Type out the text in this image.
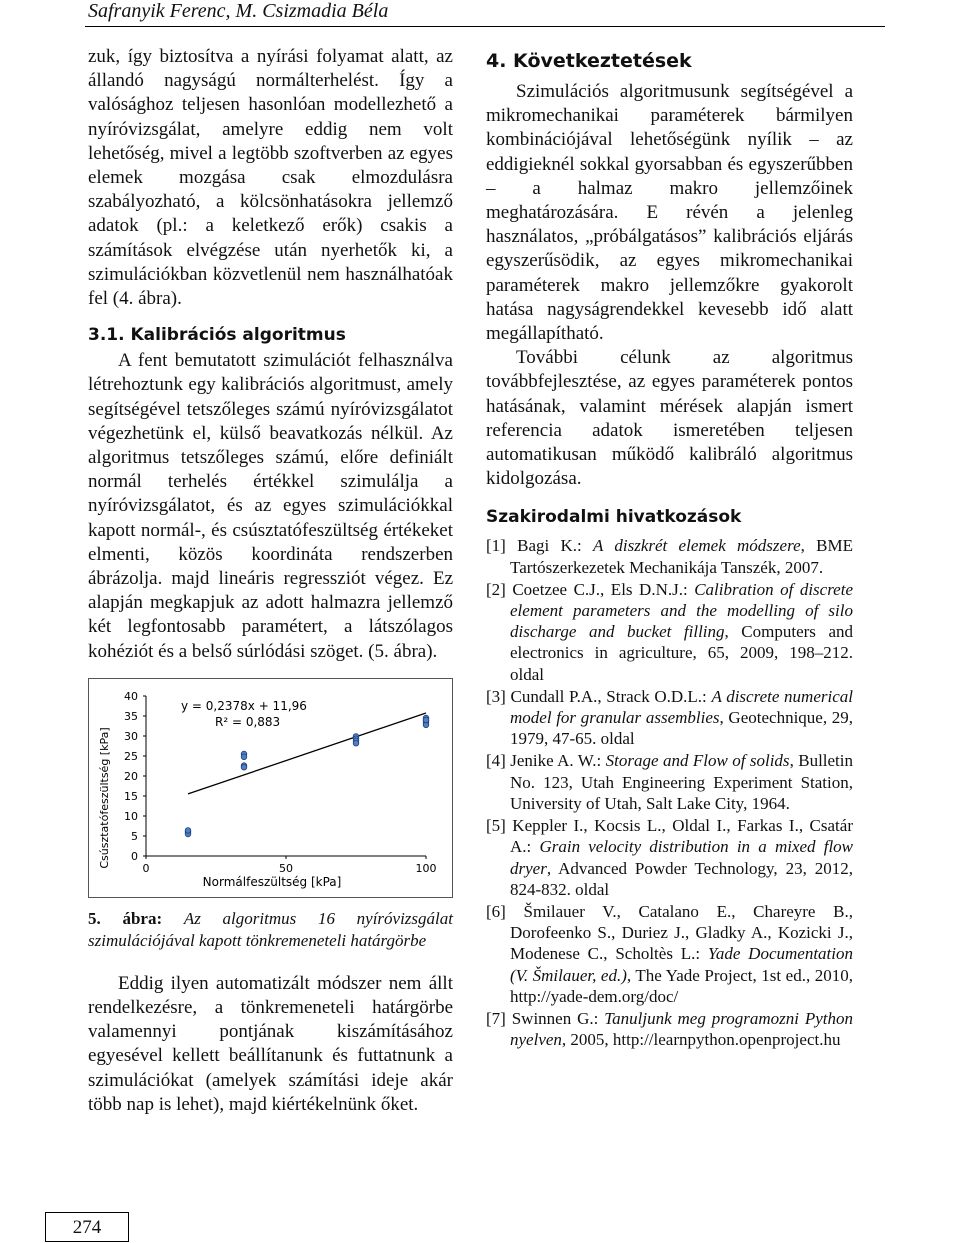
Safranyik Ferenc, M. Csizmadia Béla

zuk, így biztosítva a nyírási folyamat alatt, az állandó nagyságú normálterhelést. Így a valósághoz teljesen hasonlóan modellezhető a nyíróvizsgálat, amelyre eddig nem volt lehetőség, mivel a legtöbb szoftverben az egyes elemek mozgása csak elmozdulásra szabályozható, a kölcsönhatásokra jellemző adatok (pl.: a keletkező erők) csakis a számítások elvégzése után nyerhetők ki, a szimulációkban közvetlenül nem használhatóak fel (4. ábra).

3.1. Kalibrációs algoritmus

A fent bemutatott szimulációt felhasználva létrehoztunk egy kalibrációs algoritmust, amely segítségével tetszőleges számú nyíróvizsgálatot végezhetünk el, külső beavatkozás nélkül. Az algoritmus tetszőleges számú, előre definiált normál terhelés értékkel szimulálja a nyíróvizsgálatot, és az egyes szimulációkkal kapott normál-, és csúsztatófeszültség értékeket elmenti, közös koordináta rendszerben ábrázolja. majd lineáris regressziót végez. Ez alapján megkapjuk az adott halmazra jellemző két legfontosabb paramétert, a látszólagos kohéziót és a belső súrlódási szöget. (5. ábra).

0
5
10
15
20
25
30
35
40
0	50	100
y = 0,2378x + 11,96
R² = 0,883
Normálfeszültség [kPa]
Csúsztatófeszültség [kPa]
5. ábra: Az algoritmus 16 nyíróvizsgálat szimulációjával kapott tönkremeneteli határgörbe

Eddig ilyen automatizált módszer nem állt rendelkezésre, a tönkremeneteli határgörbe valamennyi pontjának kiszámításához egyesével kellett beállítanunk és futtatnunk a szimulációkat (amelyek számítási ideje akár több nap is lehet), majd kiértékelnünk őket.

4. Következtetések

Szimulációs algoritmusunk segítségével a mikromechanikai paraméterek bármilyen kombinációjával lehetőségünk nyílik – az eddigieknél sokkal gyorsabban és egyszerűbben – a halmaz makro jellemzőinek meghatározására. E révén a jelenleg használatos, „próbálgatásos” kalibrációs eljárás egyszerűsödik, az egyes mikromechanikai paraméterek makro jellemzőkre gyakorolt hatása nagyságrendekkel kevesebb idő alatt megállapítható.

További célunk az algoritmus továbbfejlesztése, az egyes paraméterek pontos hatásának, valamint mérések alapján ismert referencia adatok ismeretében teljesen automatikusan működő kalibráló algoritmus kidolgozása.

Szakirodalmi hivatkozások
[1] Bagi K.: A diszkrét elemek módszere, BME Tartószerkezetek Mechanikája Tanszék, 2007.
[2] Coetzee C.J., Els D.N.J.: Calibration of discrete element parameters and the modelling of silo discharge and bucket filling, Computers and electronics in agriculture, 65, 2009, 198–212. oldal
[3] Cundall P.A., Strack O.D.L.: A discrete numerical model for granular assemblies, Geotechnique, 29, 1979, 47-65. oldal
[4] Jenike A. W.: Storage and Flow of solids, Bulletin No. 123, Utah Engineering Experiment Station, University of Utah, Salt Lake City, 1964.
[5] Keppler I., Kocsis L., Oldal I., Farkas I., Csatár A.: Grain velocity distribution in a mixed flow dryer, Advanced Powder Technology, 23, 2012, 824-832. oldal
[6] Šmilauer V., Catalano E., Chareyre B., Dorofeenko S., Duriez J., Gladky A., Kozicki J., Modenese C., Scholtès L.: Yade Documentation (V. Šmilauer, ed.), The Yade Project, 1st ed., 2010, http://yade-dem.org/doc/
[7] Swinnen G.: Tanuljunk meg programozni Python nyelven, 2005, http://learnpython.openproject.hu
274
